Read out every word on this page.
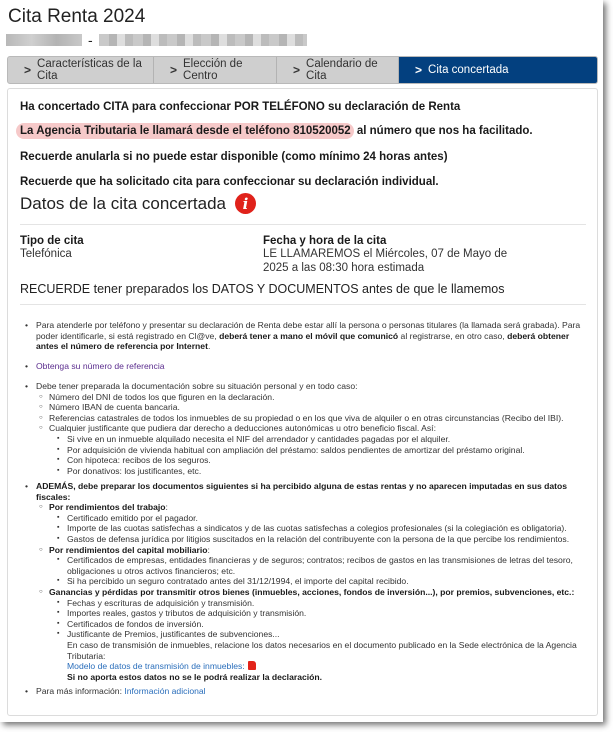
Cita Renta 2024
-
> Características de la Cita	> Elección de Centro	> Calendario de Cita	> Cita concertada
Ha concertado CITA para confeccionar POR TELÉFONO su declaración de Renta
La Agencia Tributaria le llamará desde el teléfono 810520052 al número que nos ha facilitado.
Recuerde anularla si no puede estar disponible (como mínimo 24 horas antes)
Recuerde que ha solicitado cita para confeccionar su declaración individual.
Datos de la cita concertada	i
Tipo de cita
Telefónica
Fecha y hora de la cita
LE LLAMAREMOS el Miércoles, 07 de Mayo de
2025 a las 08:30 hora estimada
RECUERDE tener preparados los DATOS Y DOCUMENTOS antes de que le llamemos
• Para atenderle por teléfono y presentar su declaración de Renta debe estar allí la persona o personas titulares (la llamada será grabada). Para poder identificarle, si está registrado en Cl@ve, deberá tener a mano el móvil que comunicó al registrarse, en otro caso, deberá obtener antes el número de referencia por Internet.
• Obtenga su número de referencia
• Debe tener preparada la documentación sobre su situación personal y en todo caso:
○ Número del DNI de todos los que figuren en la declaración.
○ Número IBAN de cuenta bancaria.
○ Referencias catastrales de todos los inmuebles de su propiedad o en los que viva de alquiler o en otras circunstancias (Recibo del IBI).
○ Cualquier justificante que pudiera dar derecho a deducciones autonómicas u otro beneficio fiscal. Así:
▪ Si vive en un inmueble alquilado necesita el NIF del arrendador y cantidades pagadas por el alquiler.
▪ Por adquisición de vivienda habitual con ampliación del préstamo: saldos pendientes de amortizar del préstamo original.
▪ Con hipoteca: recibos de los seguros.
▪ Por donativos: los justificantes, etc.
• ADEMÁS, debe preparar los documentos siguientes si ha percibido alguna de estas rentas y no aparecen imputadas en sus datos fiscales:
○ Por rendimientos del trabajo:
▪ Certificado emitido por el pagador.
▪ Importe de las cuotas satisfechas a sindicatos y de las cuotas satisfechas a colegios profesionales (si la colegiación es obligatoria).
▪ Gastos de defensa jurídica por litigios suscitados en la relación del contribuyente con la persona de la que percibe los rendimientos.
○ Por rendimientos del capital mobiliario:
▪ Certificados de empresas, entidades financieras y de seguros; contratos; recibos de gastos en las transmisiones de letras del tesoro, obligaciones u otros activos financieros; etc.
▪ Si ha percibido un seguro contratado antes del 31/12/1994, el importe del capital recibido.
○ Ganancias y pérdidas por transmitir otros bienes (inmuebles, acciones, fondos de inversión...), por premios, subvenciones, etc.:
▪ Fechas y escrituras de adquisición y transmisión.
▪ Importes reales, gastos y tributos de adquisición y transmisión.
▪ Certificados de fondos de inversión.
▪ Justificante de Premios, justificantes de subvenciones...
En caso de transmisión de inmuebles, relacione los datos necesarios en el documento publicado en la Sede electrónica de la Agencia Tributaria:
Modelo de datos de transmisión de inmuebles:
Si no aporta estos datos no se le podrá realizar la declaración.
• Para más información: Información adicional
